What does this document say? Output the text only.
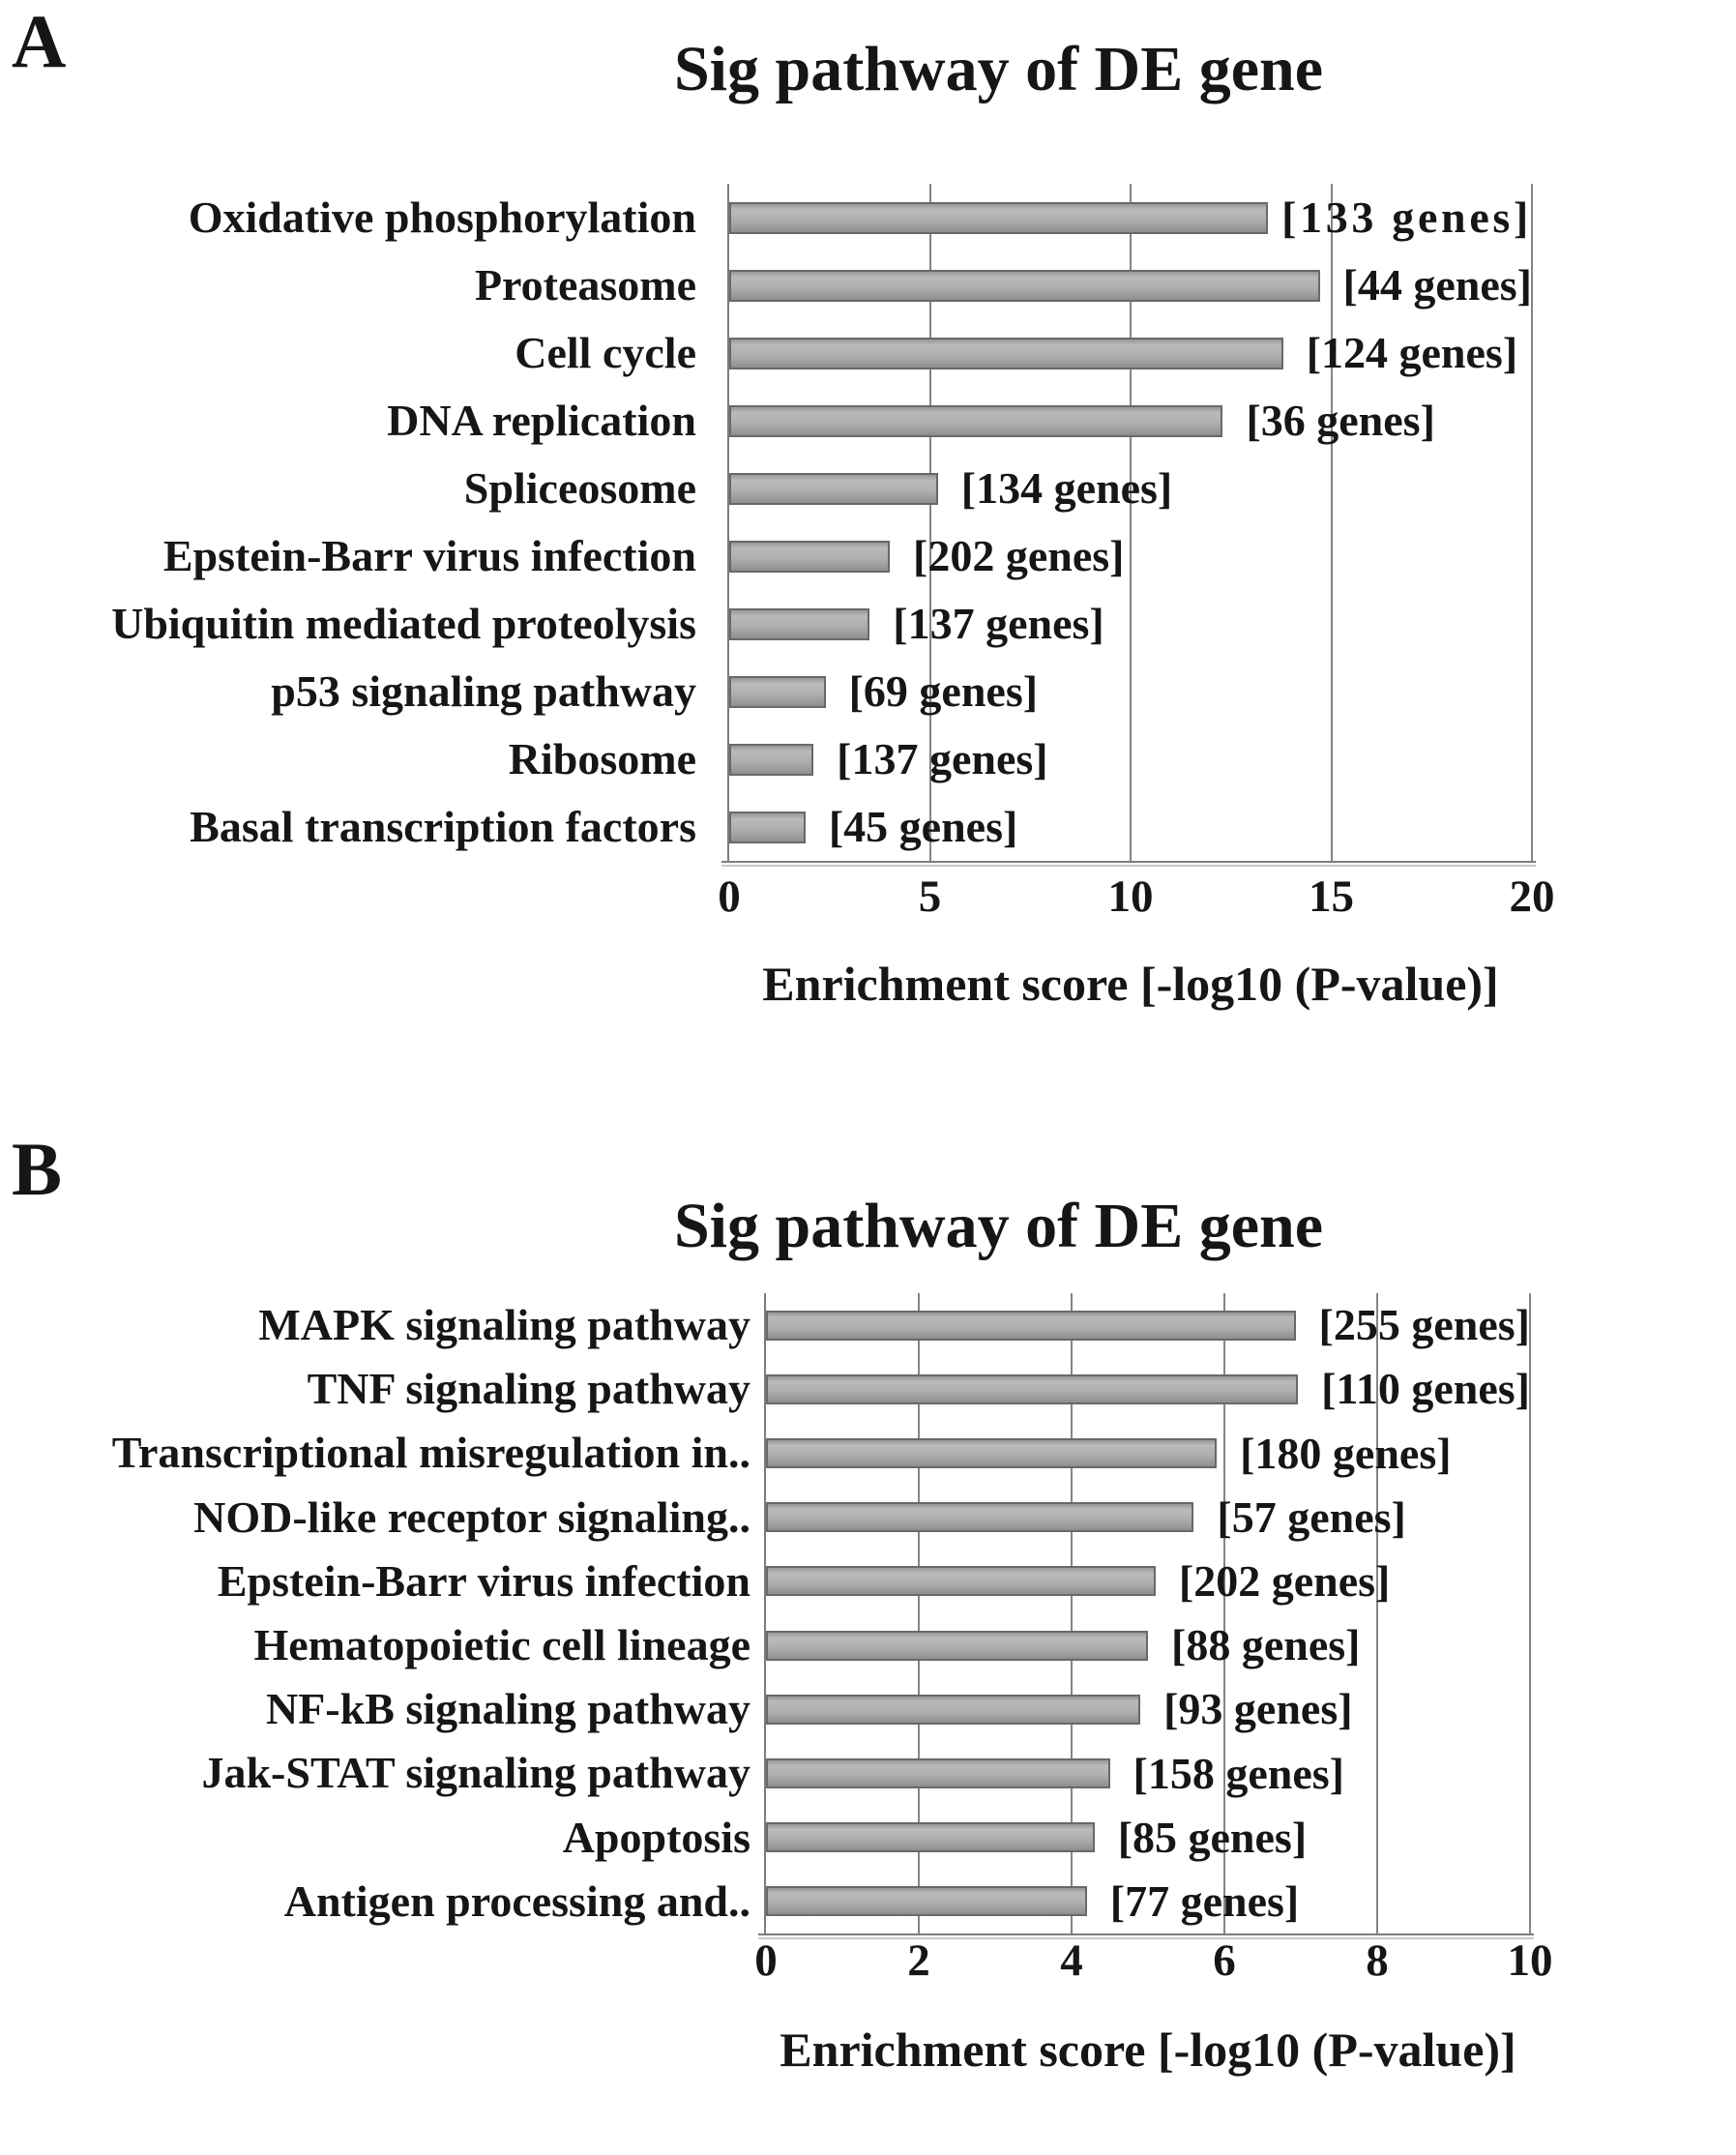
A	Sig pathway of DE gene
Oxidative phosphorylation	[133 genes]
Proteasome	[44 genes]
Cell cycle	[124 genes]
DNA replication	[36 genes]
Spliceosome	[134 genes]
Epstein-Barr virus infection	[202 genes]
Ubiquitin mediated proteolysis	[137 genes]
p53 signaling pathway	[69 genes]
Ribosome	[137 genes]
Basal transcription factors	[45 genes]
0	5	10	15	20
Enrichment score [-log10 (P-value)]
B
Sig pathway of DE gene
MAPK signaling pathway	[255 genes]
TNF signaling pathway	[110 genes]
Transcriptional misregulation in..	[180 genes]
NOD-like receptor signaling..	[57 genes]
Epstein-Barr virus infection	[202 genes]
Hematopoietic cell lineage	[88 genes]
NF-kB signaling pathway	[93 genes]
Jak-STAT signaling pathway	[158 genes]
Apoptosis	[85 genes]
Antigen processing and..	[77 genes]
0	2	4	6	8	10
Enrichment score [-log10 (P-value)]
